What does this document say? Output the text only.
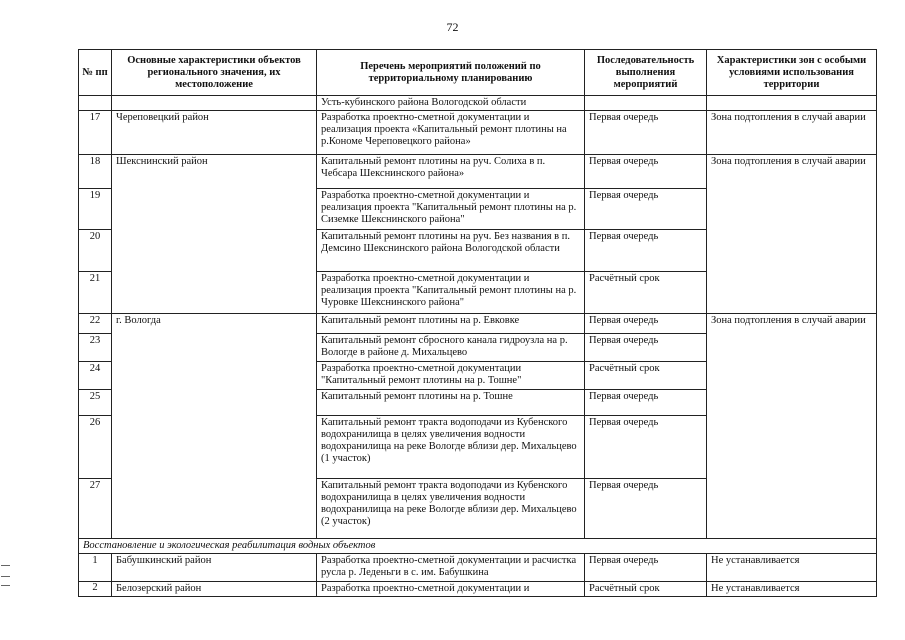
72
№ пп	Основные характеристики объектов регионального значения, их местоположение	Перечень мероприятий положений по территориальному планированию	Последовательность выполнения мероприятий	Характеристики зон с особыми условиями использования территории
		Усть-кубинского района Вологодской области		
17	Череповецкий район	Разработка проектно-сметной документации и реализация проекта «Капитальный ремонт плотины на р.Кономе Череповецкого района»	Первая очередь	Зона подтопления в случай аварии
18	Шекснинский район	Капитальный ремонт плотины на руч. Солиха в п. Чебсара Шекснинского района»	Первая очередь	Зона подтопления в случай аварии
19		Разработка проектно-сметной документации и реализация проекта "Капитальный ремонт плотины на р. Сиземке Шекснинского района"	Первая очередь	
20		Капитальный ремонт плотины на руч. Без названия в п. Демсино Шекснинского района Вологодской области	Первая очередь	
21		Разработка проектно-сметной документации и реализация проекта "Капитальный ремонт плотины на р. Чуровке Шекснинского района"	Расчётный срок	
22	г. Вологда	Капитальный ремонт плотины на р. Евковке	Первая очередь	Зона подтопления в случай аварии
23		Капитальный ремонт сбросного канала гидроузла на р. Вологде в районе д. Михальцево	Первая очередь	
24		Разработка проектно-сметной документации "Капитальный ремонт плотины на р. Тошне"	Расчётный срок	
25		Капитальный ремонт плотины на р. Тошне	Первая очередь	
26		Капитальный ремонт тракта водоподачи из Кубенского водохранилища в целях увеличения водности водохранилища на реке Вологде вблизи дер. Михальцево (1 участок)	Первая очередь	
27		Капитальный ремонт тракта водоподачи из Кубенского водохранилища в целях увеличения водности водохранилища на реке Вологде вблизи дер. Михальцево (2 участок)	Первая очередь	
Восстановление и экологическая реабилитация водных объектов				
1	Бабушкинский район	Разработка проектно-сметной документации и расчистка русла р. Леденьги в с. им. Бабушкина	Первая очередь	Не устанавливается
2	Белозерский район	Разработка проектно-сметной документации и	Расчётный срок	Не устанавливается
